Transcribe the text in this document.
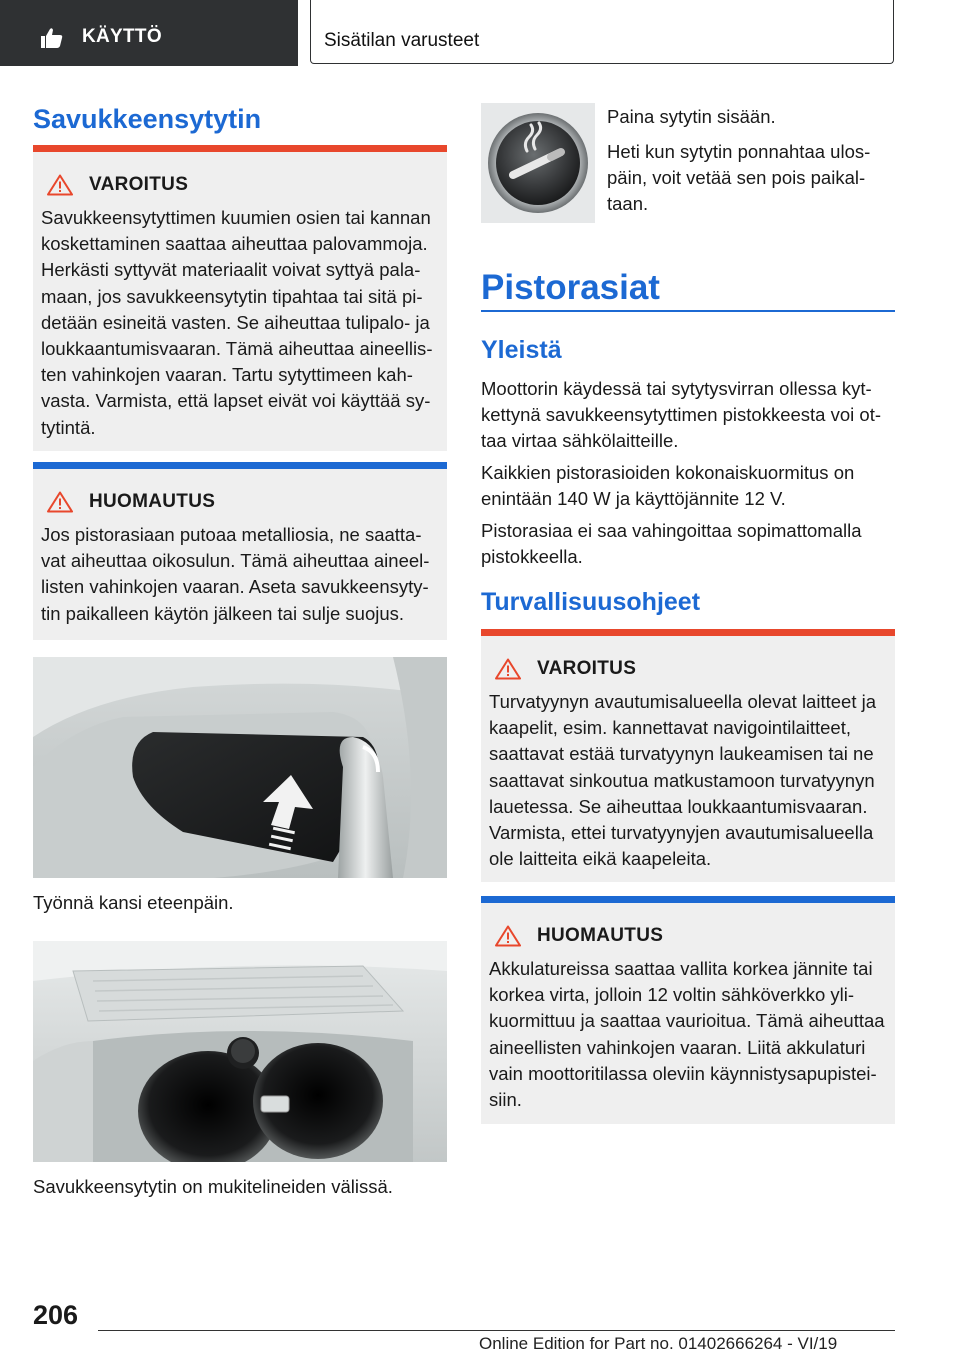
KÄYTTÖ	Sisätilan varusteet
Savukkeensytytin
VAROITUS
Savukkeensytyttimen kuumien osien tai kannan koskettaminen saattaa aiheuttaa palovammoja. Herkästi syttyvät materiaalit voivat syttyä palamaan, jos savukkeensytytin tipahtaa tai sitä pidetään esineitä vasten. Se aiheuttaa tulipalo- ja loukkaantumisvaaran. Tämä aiheuttaa aineellisten vahinkojen vaaran. Tartu sytyttimeen kahvasta. Varmista, että lapset eivät voi käyttää sytytintä.
HUOMAUTUS
Jos pistorasiaan putoaa metalliosia, ne saattavat aiheuttaa oikosulun. Tämä aiheuttaa aineellisten vahinkojen vaaran. Aseta savukkeensytytin paikalleen käytön jälkeen tai sulje suojus.
Työnnä kansi eteenpäin.
Savukkeensytytin on mukitelineiden välissä.

Paina sytytin sisään.

Heti kun sytytin ponnahtaa ulospäin, voit vetää sen pois paikaltaan.

Pistorasiat
Yleistä

Moottorin käydessä tai sytytysvirran ollessa kytkettynä savukkeensytyttimen pistokkeesta voi ottaa virtaa sähkölaitteille.

Kaikkien pistorasioiden kokonaiskuormitus on enintään 140 W ja käyttöjännite 12 V.

Pistorasiaa ei saa vahingoittaa sopimattomalla pistokkeella.

Turvallisuusohjeet
VAROITUS
Turvatyynyn avautumisalueella olevat laitteet ja kaapelit, esim. kannettavat navigointilaitteet, saattavat estää turvatyynyn laukeamisen tai ne saattavat sinkoutua matkustamoon turvatyynyn lauetessa. Se aiheuttaa loukkaantumisvaaran. Varmista, ettei turvatyynyjen avautumisalueella ole laitteita eikä kaapeleita.
HUOMAUTUS
Akkulatureissa saattaa vallita korkea jännite tai korkea virta, jolloin 12 voltin sähköverkko ylikuormittuu ja saattaa vaurioitua. Tämä aiheuttaa aineellisten vahinkojen vaaran. Liitä akkulaturi vain moottoritilassa oleviin käynnistysapupisteisiin.
206
Online Edition for Part no. 01402666264 - VI/19
